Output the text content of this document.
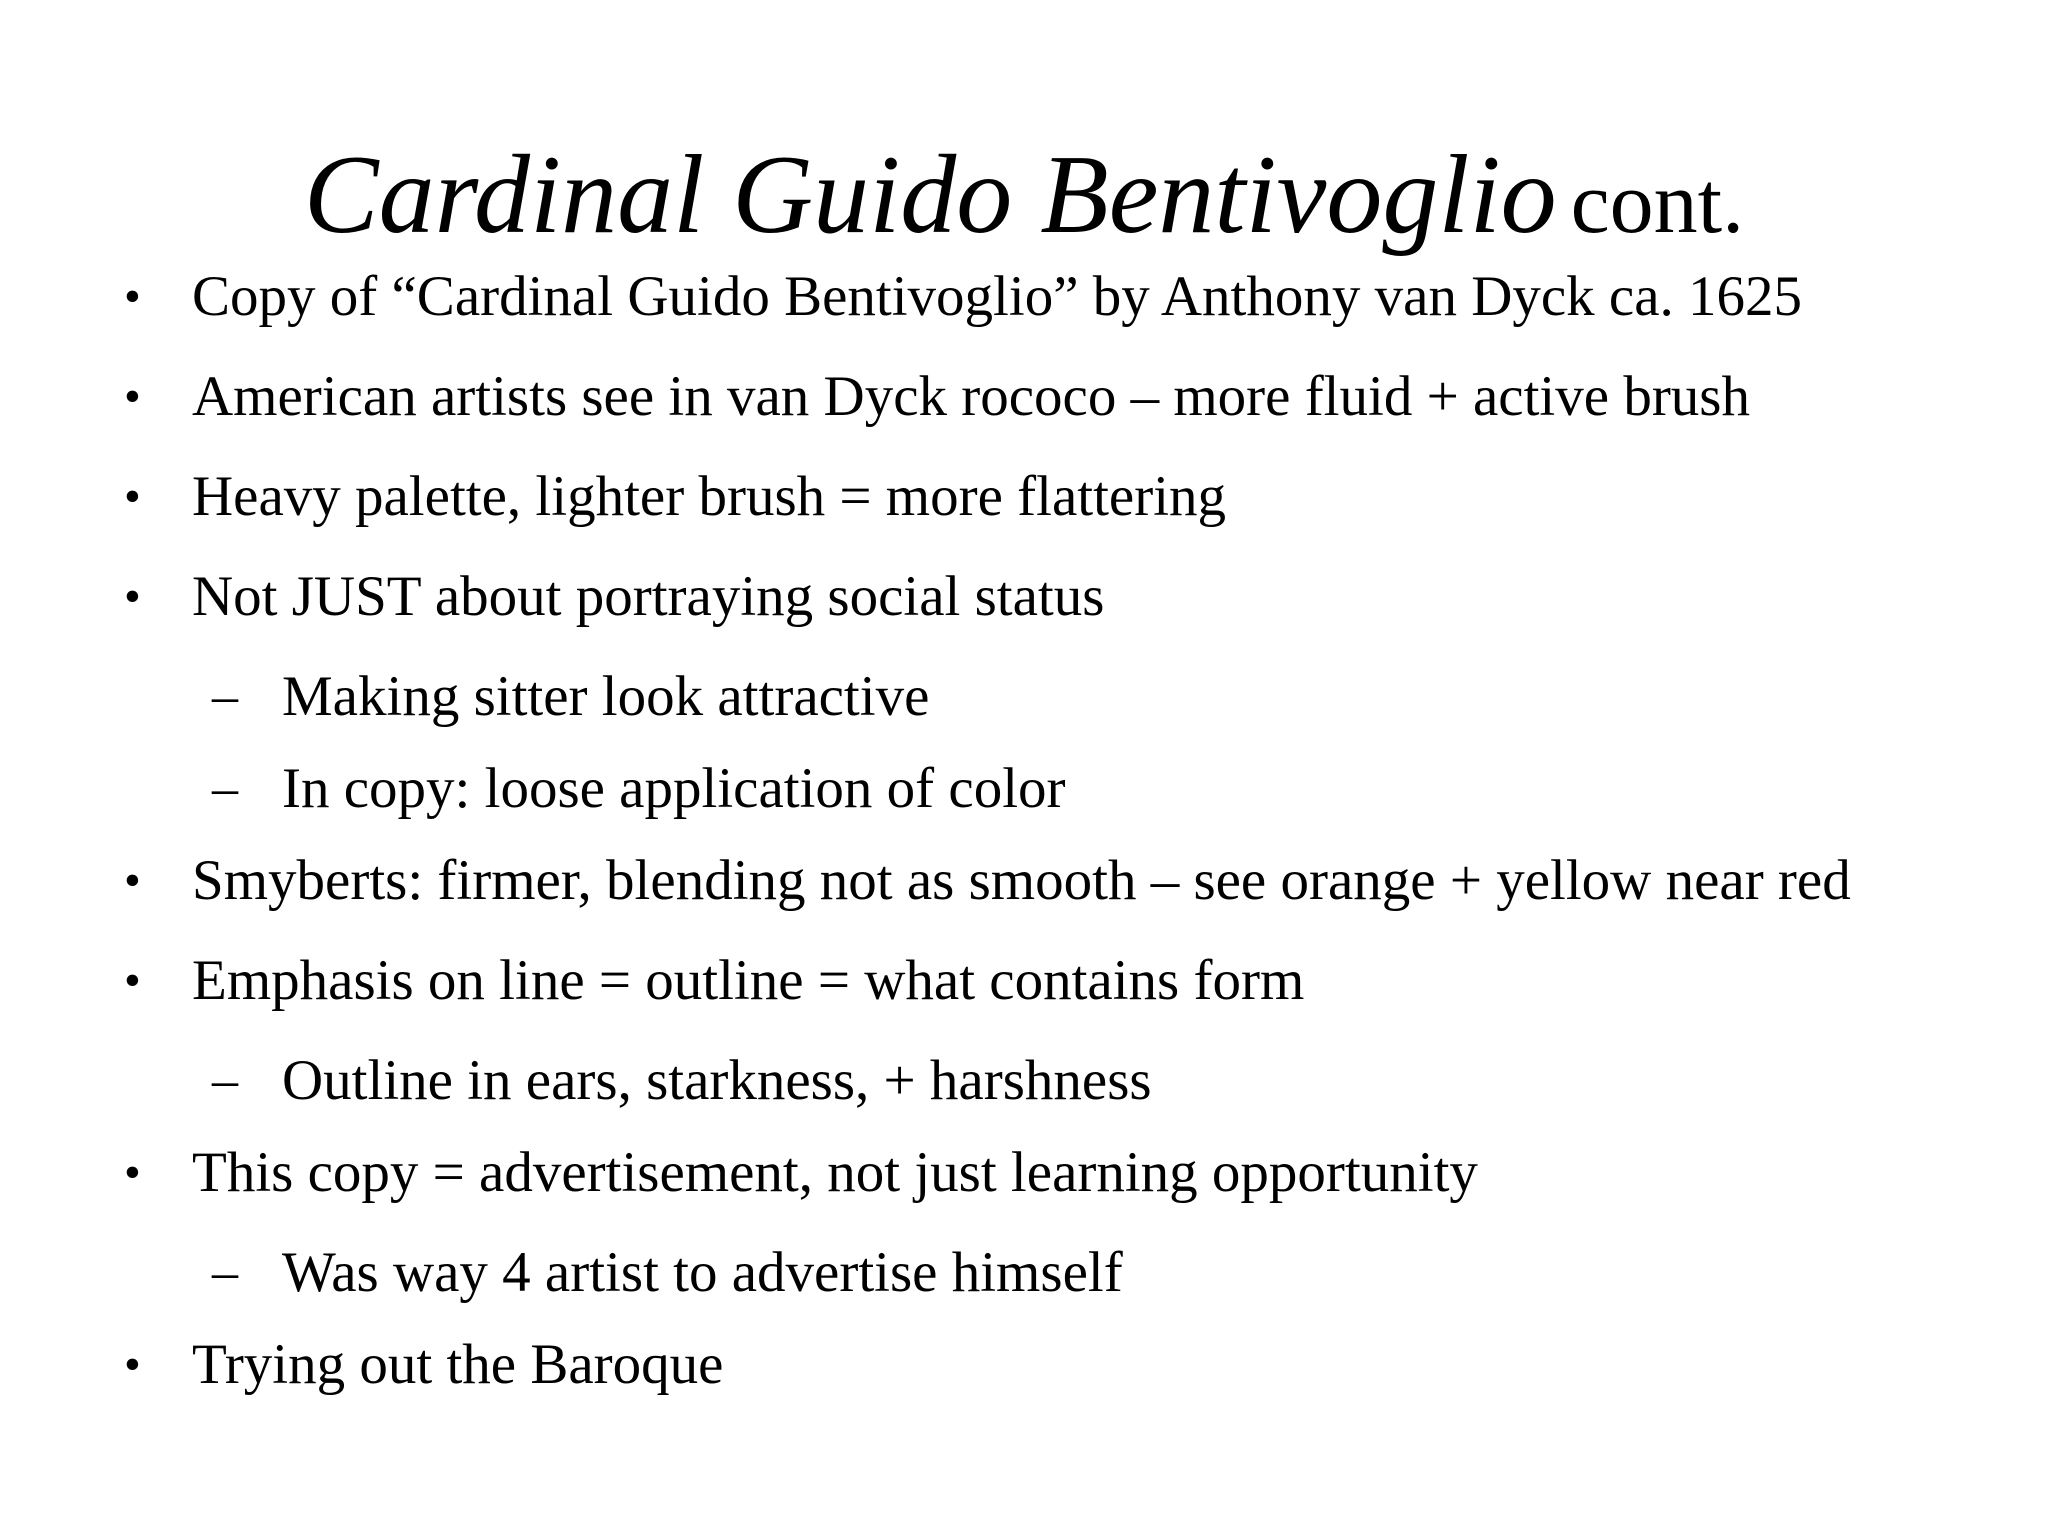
Cardinal Guido Bentivoglio cont.
• Copy of “Cardinal Guido Bentivoglio” by Anthony van Dyck ca. 1625
• American artists see in van Dyck rococo – more fluid + active brush
• Heavy palette, lighter brush = more flattering
• Not JUST about portraying social status
– Making sitter look attractive
– In copy: loose application of color
• Smyberts: firmer, blending not as smooth – see orange + yellow near red
• Emphasis on line = outline = what contains form
– Outline in ears, starkness, + harshness
• This copy = advertisement, not just learning opportunity
– Was way 4 artist to advertise himself
• Trying out the Baroque
